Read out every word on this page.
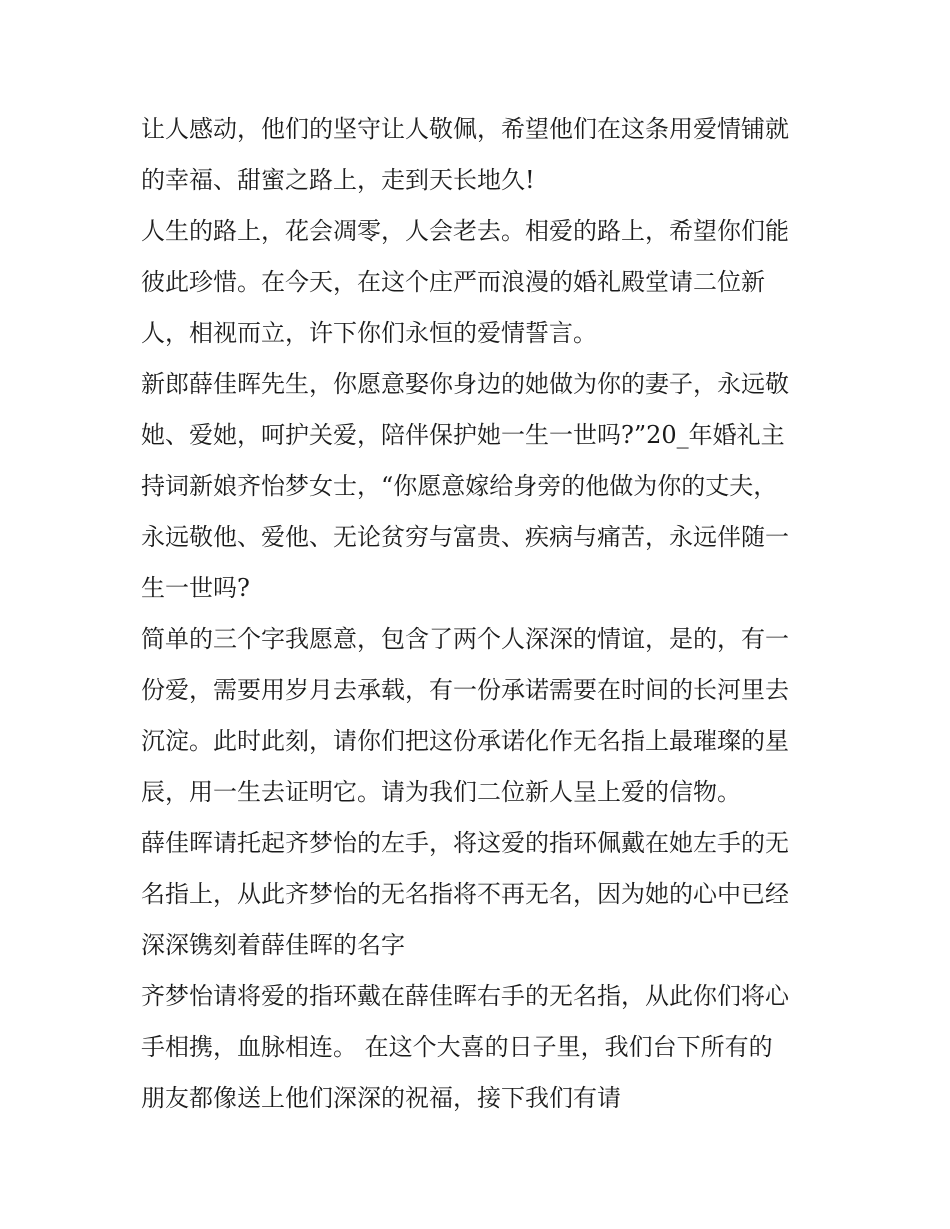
让人感动，他们的坚守让人敬佩，希望他们在这条用爱情铺就
的幸福、甜蜜之路上，走到天长地久!
人生的路上，花会凋零，人会老去。相爱的路上，希望你们能
彼此珍惜。在今天，在这个庄严而浪漫的婚礼殿堂请二位新
人，相视而立，许下你们永恒的爱情誓言。
新郎薛佳晖先生，你愿意娶你身边的她做为你的妻子，永远敬
她、爱她，呵护关爱，陪伴保护她一生一世吗?”20_年婚礼主
持词新娘齐怡梦女士，“你愿意嫁给身旁的他做为你的丈夫，
永远敬他、爱他、无论贫穷与富贵、疾病与痛苦，永远伴随一
生一世吗?
简单的三个字我愿意，包含了两个人深深的情谊，是的，有一
份爱，需要用岁月去承载，有一份承诺需要在时间的长河里去
沉淀。此时此刻，请你们把这份承诺化作无名指上最璀璨的星
辰，用一生去证明它。请为我们二位新人呈上爱的信物。
薛佳晖请托起齐梦怡的左手，将这爱的指环佩戴在她左手的无
名指上，从此齐梦怡的无名指将不再无名，因为她的心中已经
深深镌刻着薛佳晖的名字
齐梦怡请将爱的指环戴在薛佳晖右手的无名指，从此你们将心
手相携，血脉相连。 在这个大喜的日子里，我们台下所有的
朋友都像送上他们深深的祝福，接下我们有请
